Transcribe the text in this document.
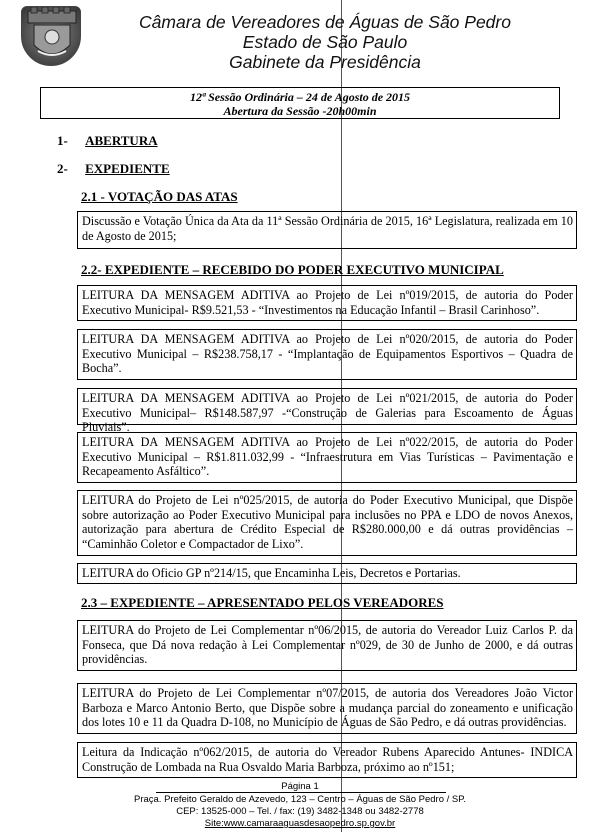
Câmara de Vereadores de Águas de São Pedro
Estado de São Paulo
Gabinete da Presidência
12ª Sessão Ordinária – 24 de Agosto de 2015
Abertura da Sessão -20h00min
1- ABERTURA
2- EXPEDIENTE
2.1 - VOTAÇÃO DAS ATAS
Discussão e Votação Única da Ata da 11ª Sessão Ordinária de 2015, 16ª Legislatura, realizada em 10 de Agosto de 2015;
2.2- EXPEDIENTE – RECEBIDO DO PODER EXECUTIVO MUNICIPAL
LEITURA DA MENSAGEM ADITIVA ao Projeto de Lei nº019/2015, de autoria do Poder Executivo Municipal- R$9.521,53 - “Investimentos na Educação Infantil – Brasil Carinhoso”.
LEITURA DA MENSAGEM ADITIVA ao Projeto de Lei nº020/2015, de autoria do Poder Executivo Municipal – R$238.758,17 - “Implantação de Equipamentos Esportivos – Quadra de Bocha”.
LEITURA DA MENSAGEM ADITIVA ao Projeto de Lei nº021/2015, de autoria do Poder Executivo Municipal– R$148.587,97 -“Construção de Galerias para Escoamento de Águas Pluviais”.
LEITURA DA MENSAGEM ADITIVA ao Projeto de Lei nº022/2015, de autoria do Poder Executivo Municipal – R$1.811.032,99 - “Infraestrutura em Vias Turísticas – Pavimentação e Recapeamento Asfáltico”.
LEITURA do Projeto de Lei nº025/2015, de autoria do Poder Executivo Municipal, que Dispõe sobre autorização ao Poder Executivo Municipal para inclusões no PPA e LDO de novos Anexos, autorização para abertura de Crédito Especial de R$280.000,00 e dá outras providências – “Caminhão Coletor e Compactador de Lixo”.
LEITURA do Oficio GP nº214/15, que Encaminha Leis, Decretos e Portarias.
2.3 – EXPEDIENTE – APRESENTADO PELOS VEREADORES
LEITURA do Projeto de Lei Complementar nº06/2015, de autoria do Vereador Luiz Carlos P. da Fonseca, que Dá nova redação à Lei Complementar nº029, de 30 de Junho de 2000, e dá outras providências.
LEITURA do Projeto de Lei Complementar nº07/2015, de autoria dos Vereadores João Victor Barboza e Marco Antonio Berto, que Dispõe sobre a mudança parcial do zoneamento e unificação dos lotes 10 e 11 da Quadra D-108, no Município de Águas de São Pedro, e dá outras providências.
Leitura da Indicação nº062/2015, de autoria do Vereador Rubens Aparecido Antunes- INDICA Construção de Lombada na Rua Osvaldo Maria Barboza, próximo ao nº151;
Página 1
Praça. Prefeito Geraldo de Azevedo, 123 – Centro – Águas de São Pedro / SP.
CEP: 13525-000 – Tel. / fax: (19) 3482-1348 ou 3482-2778
Site:www.camaraaguasdesaopedro.sp.gov.br
